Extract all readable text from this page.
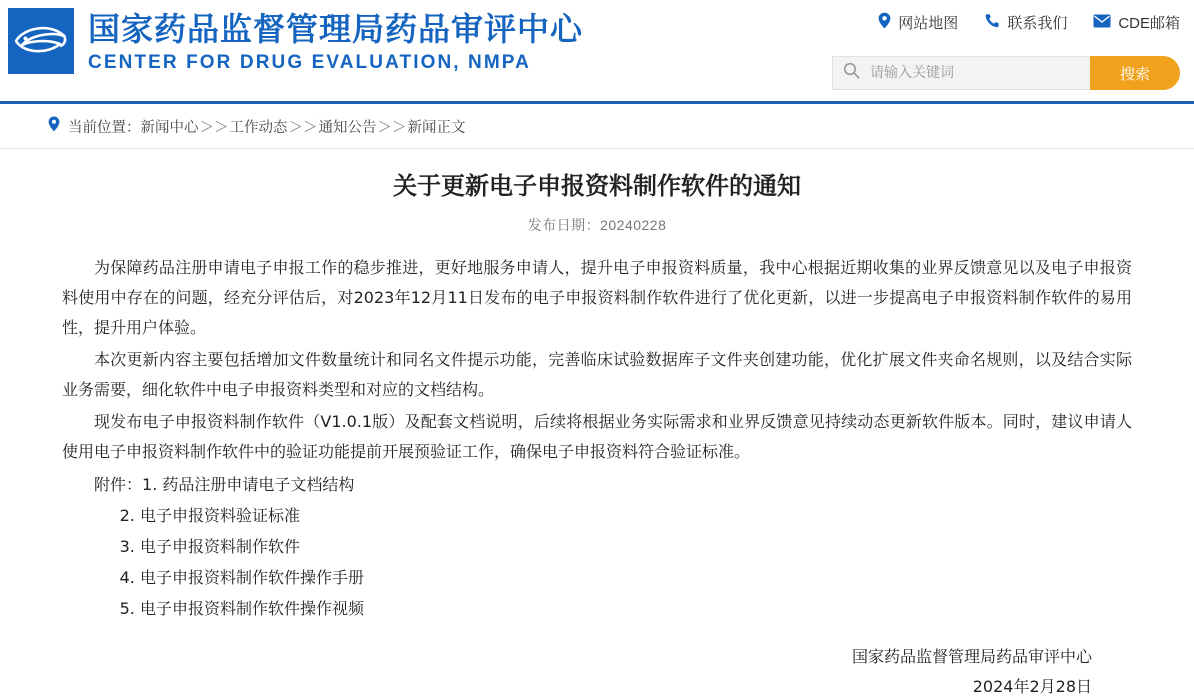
国家药品监督管理局药品审评中心
CENTER FOR DRUG EVALUATION, NMPA
网站地图	联系我们	CDE邮箱
请输入关键词
搜索
当前位置：新闻中心＞＞工作动态＞＞通知公告＞＞新闻正文
关于更新电子申报资料制作软件的通知
发布日期：20240228

为保障药品注册申请电子申报工作的稳步推进，更好地服务申请人，提升电子申报资料质量，我中心根据近期收集的业界反馈意见以及电子申报资料使用中存在的问题，经充分评估后，对2023年12月11日发布的电子申报资料制作软件进行了优化更新，以进一步提高电子申报资料制作软件的易用性，提升用户体验。

本次更新内容主要包括增加文件数量统计和同名文件提示功能，完善临床试验数据库子文件夹创建功能，优化扩展文件夹命名规则，以及结合实际业务需要，细化软件中电子申报资料类型和对应的文档结构。

现发布电子申报资料制作软件（V1.0.1版）及配套文档说明，后续将根据业务实际需求和业界反馈意见持续动态更新软件版本。同时，建议申请人使用电子申报资料制作软件中的验证功能提前开展预验证工作，确保电子申报资料符合验证标准。

附件：1. 药品注册申请电子文档结构
2. 电子申报资料验证标准
3. 电子申报资料制作软件
4. 电子申报资料制作软件操作手册
5. 电子申报资料制作软件操作视频
国家药品监督管理局药品审评中心
2024年2月28日
